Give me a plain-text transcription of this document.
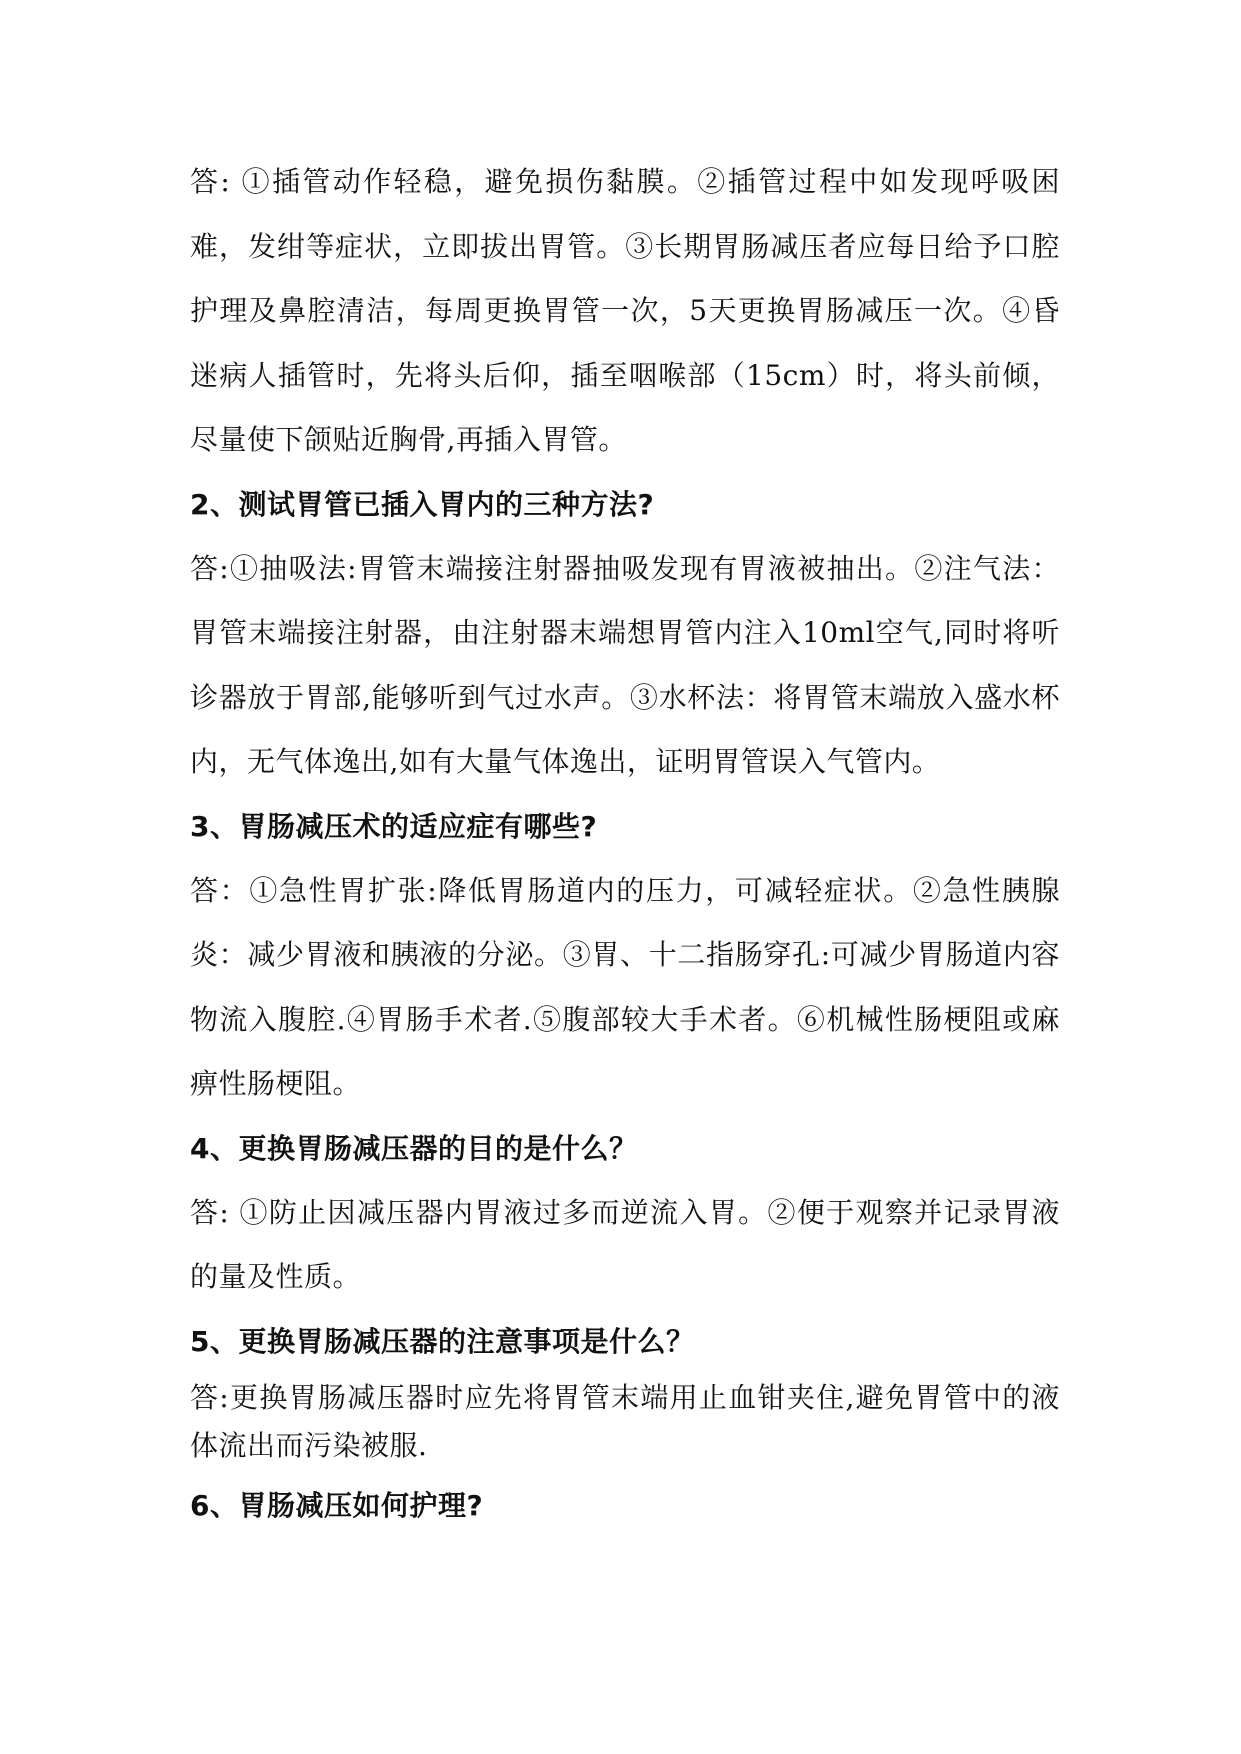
答: ①插管动作轻稳，避免损伤黏膜。②插管过程中如发现呼吸困难，发绀等症状，立即拔出胃管。③长期胃肠减压者应每日给予口腔护理及鼻腔清洁，每周更换胃管一次，5天更换胃肠减压一次。④昏迷病人插管时，先将头后仰，插至咽喉部（15cm）时，将头前倾，尽量使下颌贴近胸骨,再插入胃管。

2、测试胃管已插入胃内的三种方法?

答:①抽吸法:胃管末端接注射器抽吸发现有胃液被抽出。②注气法：胃管末端接注射器，由注射器末端想胃管内注入10ml空气,同时将听诊器放于胃部,能够听到气过水声。③水杯法：将胃管末端放入盛水杯内，无气体逸出,如有大量气体逸出，证明胃管误入气管内。

3、胃肠减压术的适应症有哪些?

答：①急性胃扩张:降低胃肠道内的压力，可减轻症状。②急性胰腺炎：减少胃液和胰液的分泌。③胃、十二指肠穿孔:可减少胃肠道内容物流入腹腔.④胃肠手术者.⑤腹部较大手术者。⑥机械性肠梗阻或麻痹性肠梗阻。

4、更换胃肠减压器的目的是什么？

答: ①防止因减压器内胃液过多而逆流入胃。②便于观察并记录胃液的量及性质。

5、更换胃肠减压器的注意事项是什么？

答:更换胃肠减压器时应先将胃管末端用止血钳夹住,避免胃管中的液体流出而污染被服.

6、胃肠减压如何护理?
